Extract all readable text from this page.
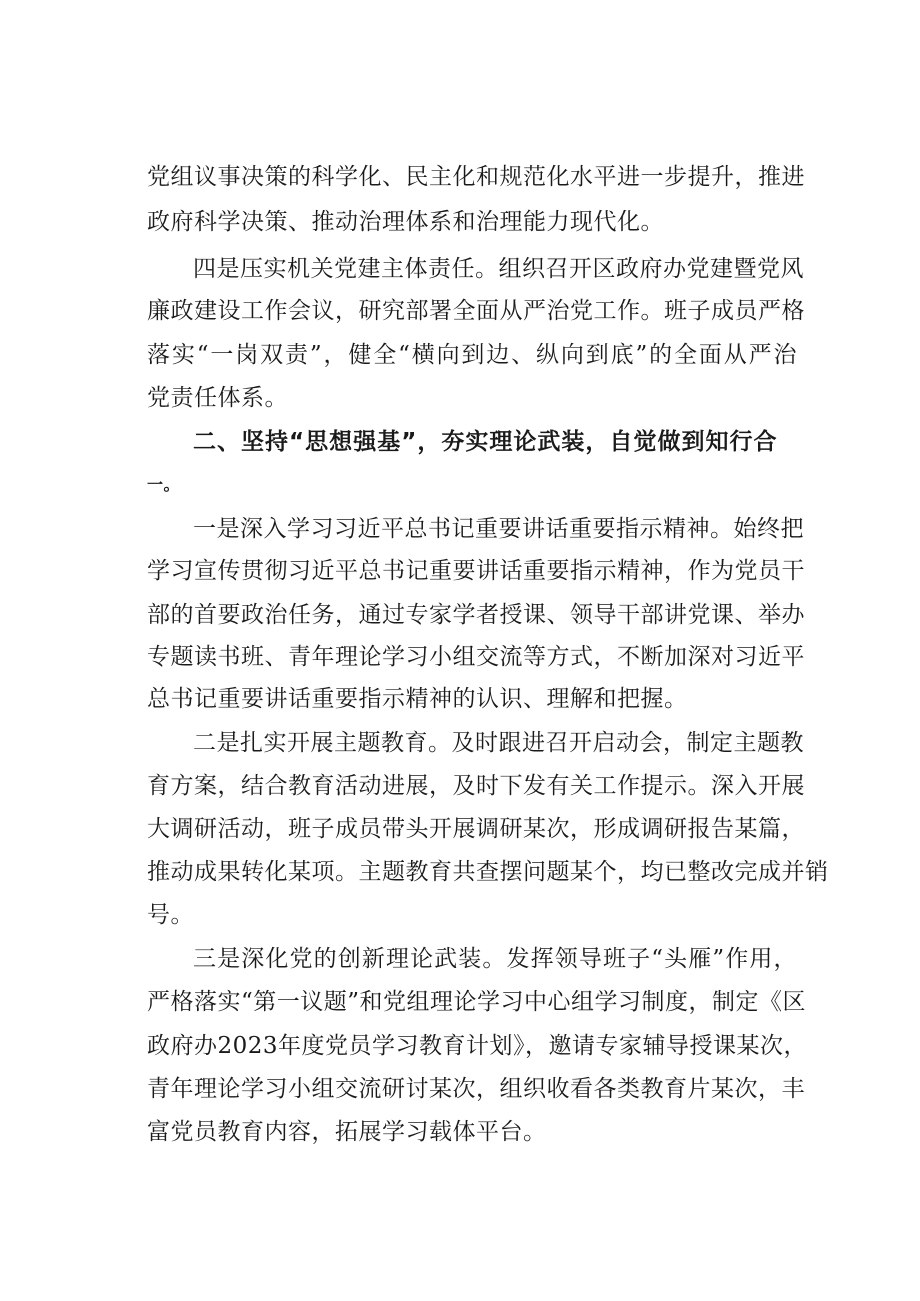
党组议事决策的科学化、民主化和规范化水平进一步提升，推进
政府科学决策、推动治理体系和治理能力现代化。
四是压实机关党建主体责任。组织召开区政府办党建暨党风
廉政建设工作会议，研究部署全面从严治党工作。班子成员严格
落实“一岗双责”，健全“横向到边、纵向到底”的全面从严治
党责任体系。
二、坚持“思想强基”，夯实理论武装，自觉做到知行合
一。
一是深入学习习近平总书记重要讲话重要指示精神。始终把
学习宣传贯彻习近平总书记重要讲话重要指示精神，作为党员干
部的首要政治任务，通过专家学者授课、领导干部讲党课、举办
专题读书班、青年理论学习小组交流等方式，不断加深对习近平
总书记重要讲话重要指示精神的认识、理解和把握。
二是扎实开展主题教育。及时跟进召开启动会，制定主题教
育方案，结合教育活动进展，及时下发有关工作提示。深入开展
大调研活动，班子成员带头开展调研某次，形成调研报告某篇，
推动成果转化某项。主题教育共查摆问题某个，均已整改完成并销
号。
三是深化党的创新理论武装。发挥领导班子“头雁”作用，
严格落实“第一议题”和党组理论学习中心组学习制度，制定《区
政府办2023年度党员学习教育计划》，邀请专家辅导授课某次，
青年理论学习小组交流研讨某次，组织收看各类教育片某次，丰
富党员教育内容，拓展学习载体平台。
